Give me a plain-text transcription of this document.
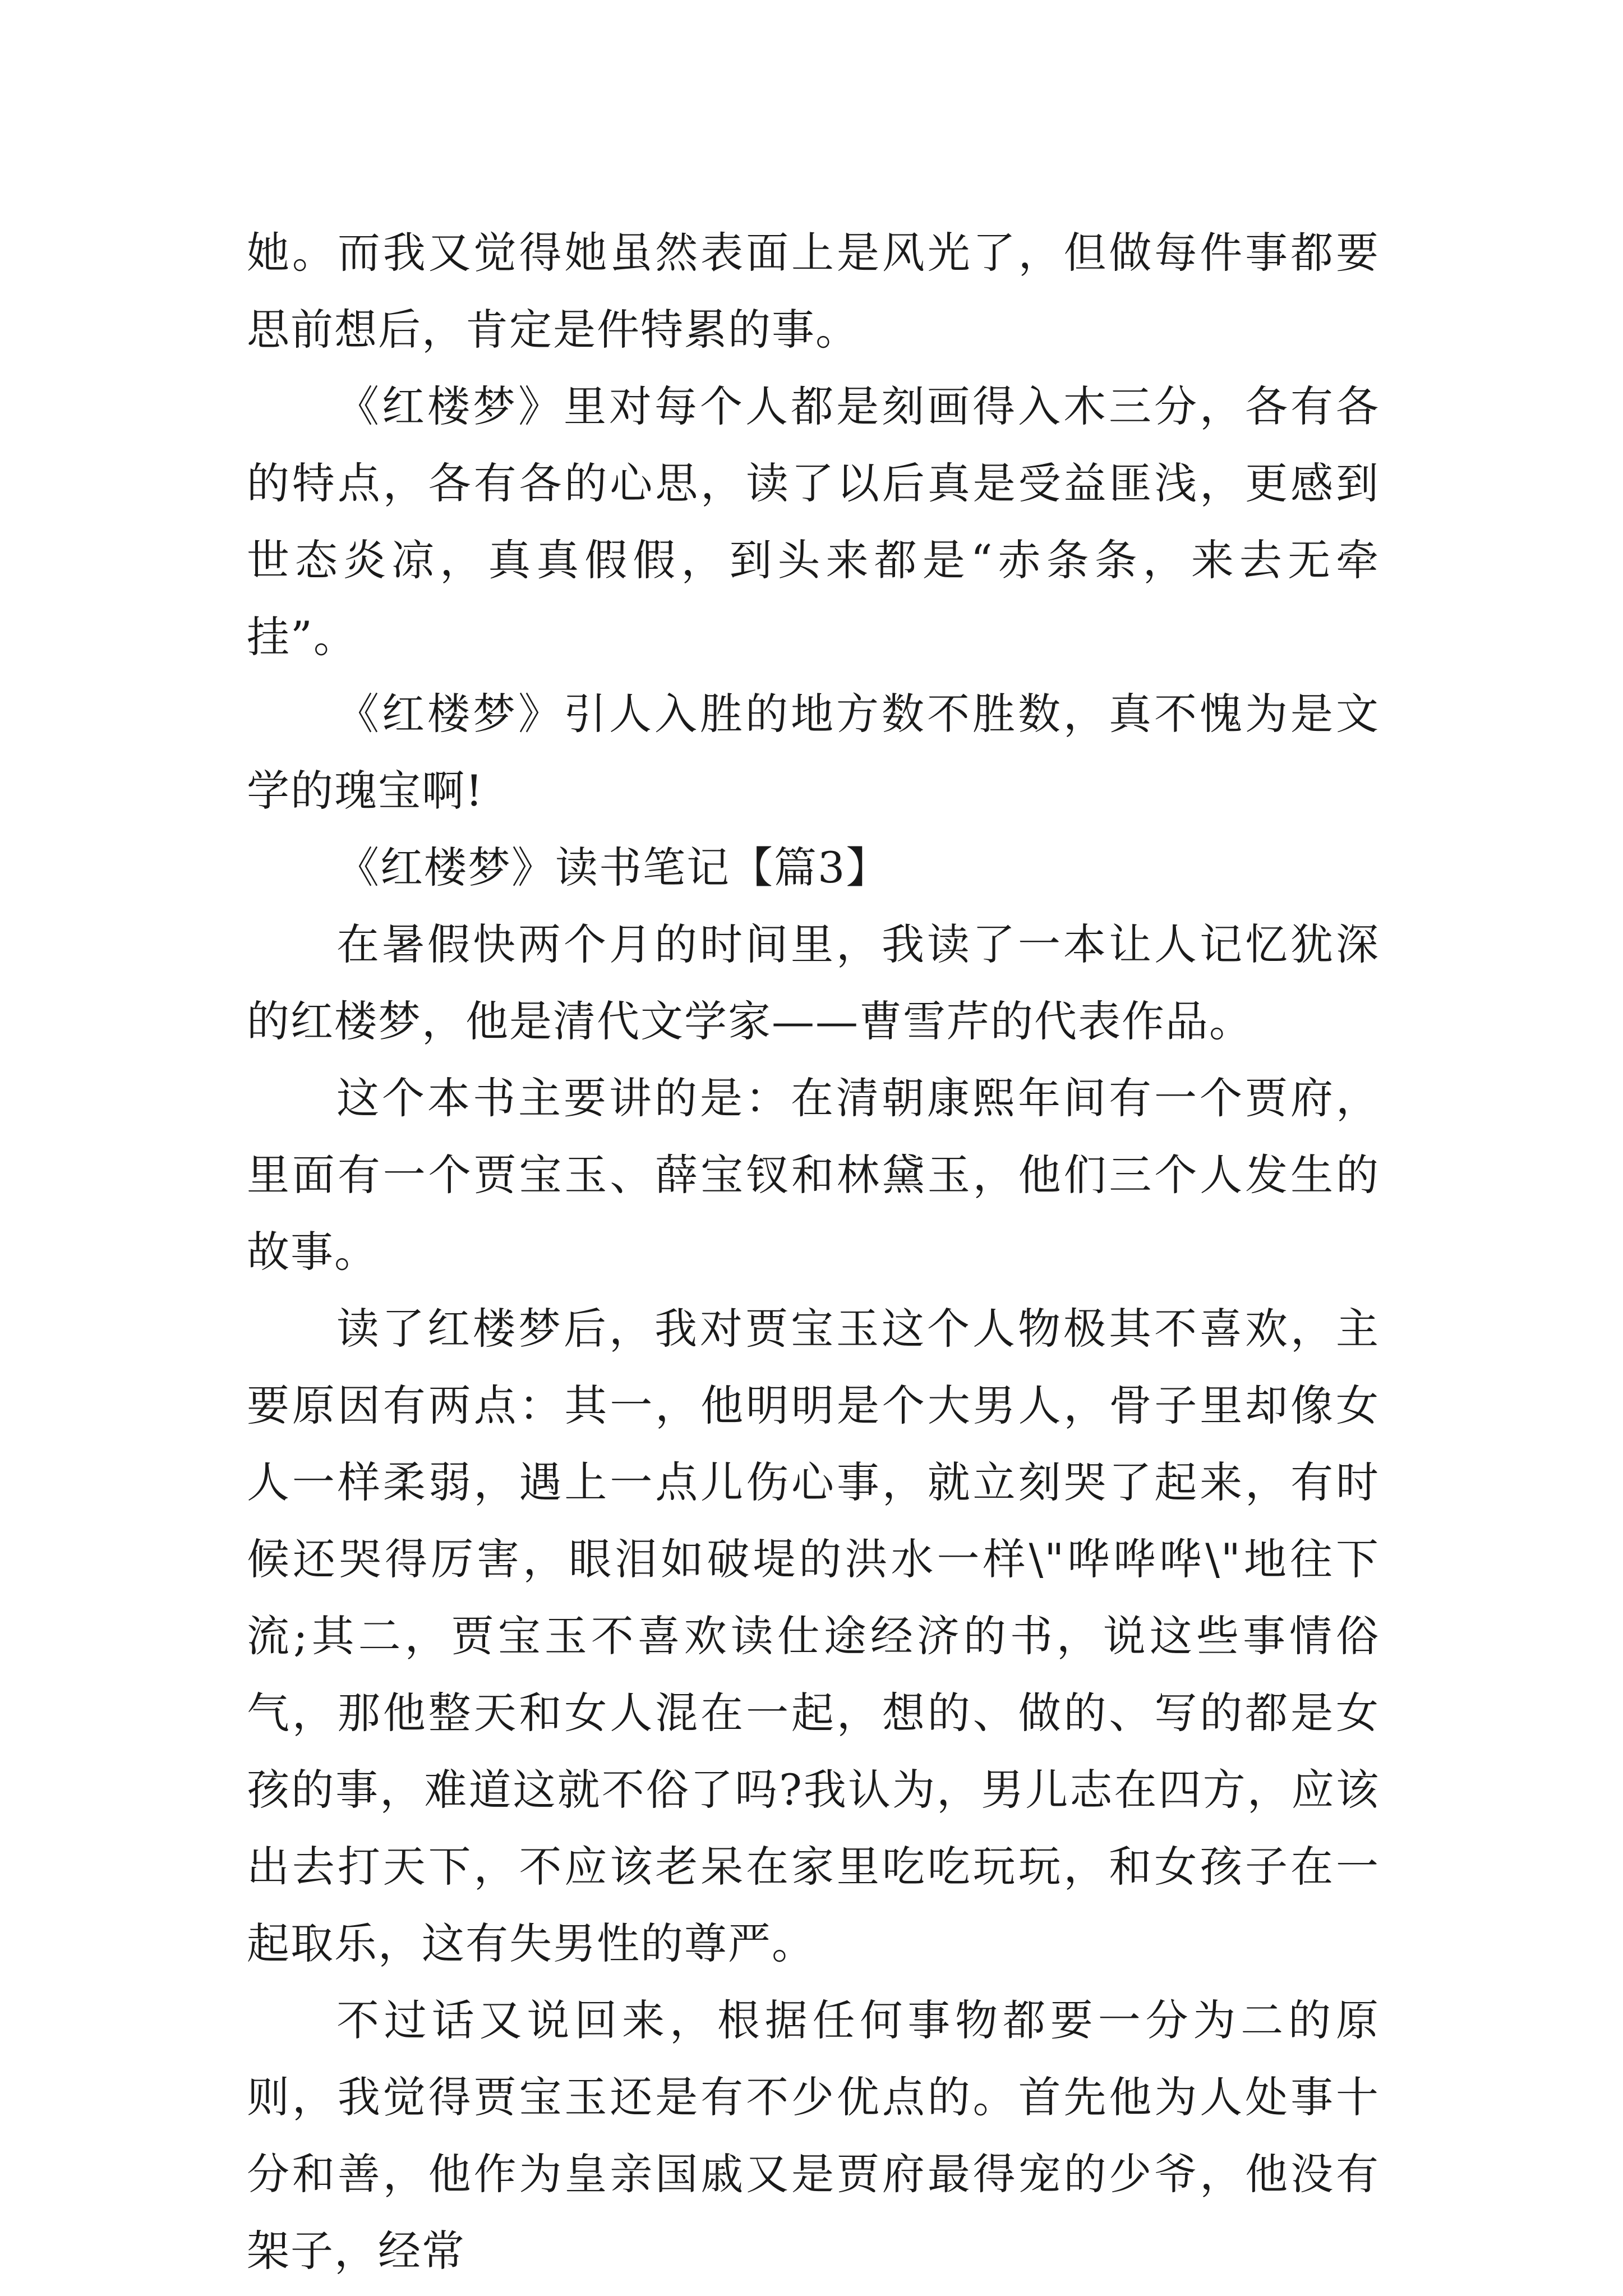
她。而我又觉得她虽然表面上是风光了，但做每件事都要思前想后，肯定是件特累的事。

《红楼梦》里对每个人都是刻画得入木三分，各有各的特点，各有各的心思，读了以后真是受益匪浅，更感到世态炎凉，真真假假，到头来都是“赤条条，来去无牵挂”。

《红楼梦》引人入胜的地方数不胜数，真不愧为是文学的瑰宝啊!

《红楼梦》读书笔记【篇3】

在暑假快两个月的时间里，我读了一本让人记忆犹深的红楼梦，他是清代文学家——曹雪芹的代表作品。

这个本书主要讲的是：在清朝康熙年间有一个贾府，里面有一个贾宝玉、薛宝钗和林黛玉，他们三个人发生的故事。

读了红楼梦后，我对贾宝玉这个人物极其不喜欢，主要原因有两点：其一，他明明是个大男人，骨子里却像女人一样柔弱，遇上一点儿伤心事，就立刻哭了起来，有时候还哭得厉害，眼泪如破堤的洪水一样\"哗哗哗\"地往下流;其二，贾宝玉不喜欢读仕途经济的书，说这些事情俗气，那他整天和女人混在一起，想的、做的、写的都是女孩的事，难道这就不俗了吗?我认为，男儿志在四方，应该出去打天下，不应该老呆在家里吃吃玩玩，和女孩子在一起取乐，这有失男性的尊严。

不过话又说回来，根据任何事物都要一分为二的原则，我觉得贾宝玉还是有不少优点的。首先他为人处事十分和善，他作为皇亲国戚又是贾府最得宠的少爷，他没有架子，经常
